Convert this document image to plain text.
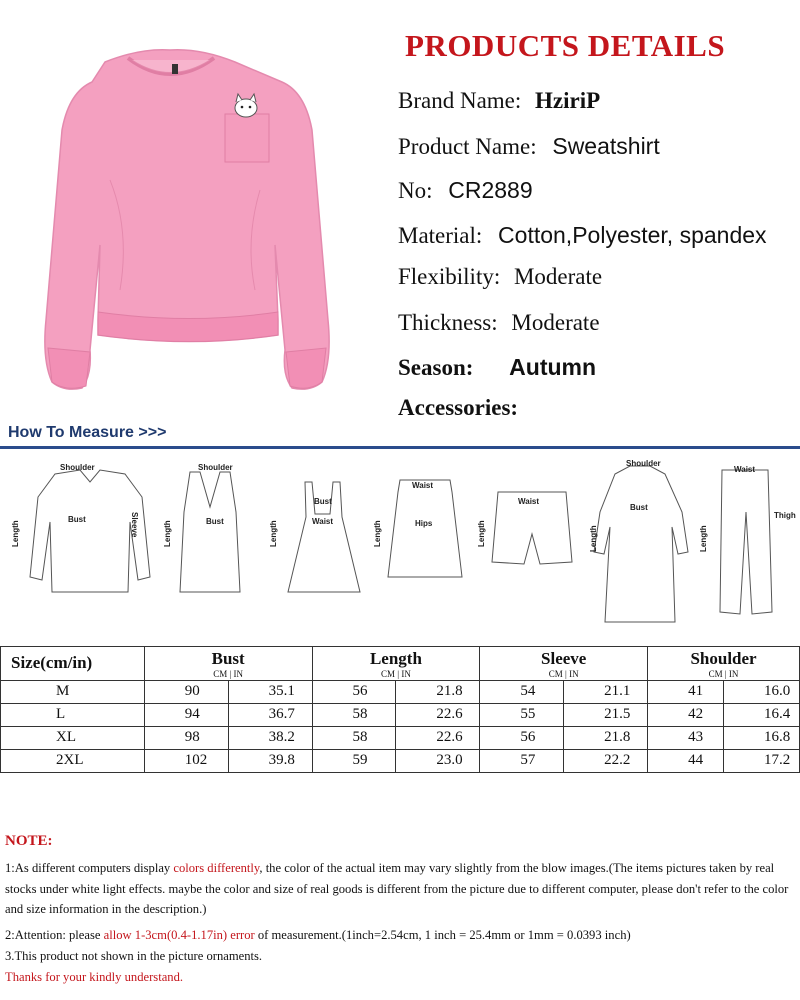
PRODUCTS DETAILS
Brand Name: HziriP
Product Name: Sweatshirt
No: CR2889
Material: Cotton,Polyester, spandex
Flexibility: Moderate
Thickness: Moderate
Season: Autumn
Accessories:
How To Measure >>>
Shoulder
Bust
Length	Sleeve
Shoulder
Bust
Length
Bust
Waist
Length
Waist
Hips
Length
Waist
Length
Shoulder
Bust
Length
Waist
Thigh
Length
Size(cm/in)	Bust		Length		Sleeve		Shoulder	
	CM | IN		CM | IN		CM | IN		CM | IN	
M	90	35.1	56	21.8	54	21.1	41	16.0
L	94	36.7	58	22.6	55	21.5	42	16.4
XL	98	38.2	58	22.6	56	21.8	43	16.8
2XL	102	39.8	59	23.0	57	22.2	44	17.2
NOTE:
1:As different computers display colors differently, the color of the actual item may vary slightly from the blow images.(The items pictures taken by real stocks under white light effects. maybe the color and size of real goods is different from the picture due to different computer, please don't refer to the color and size information in the description.)
2:Attention: please allow 1-3cm(0.4-1.17in) error of measurement.(1inch=2.54cm, 1 inch = 25.4mm or 1mm = 0.0393 inch)
3.This product not shown in the picture ornaments.
Thanks for your kindly understand.
